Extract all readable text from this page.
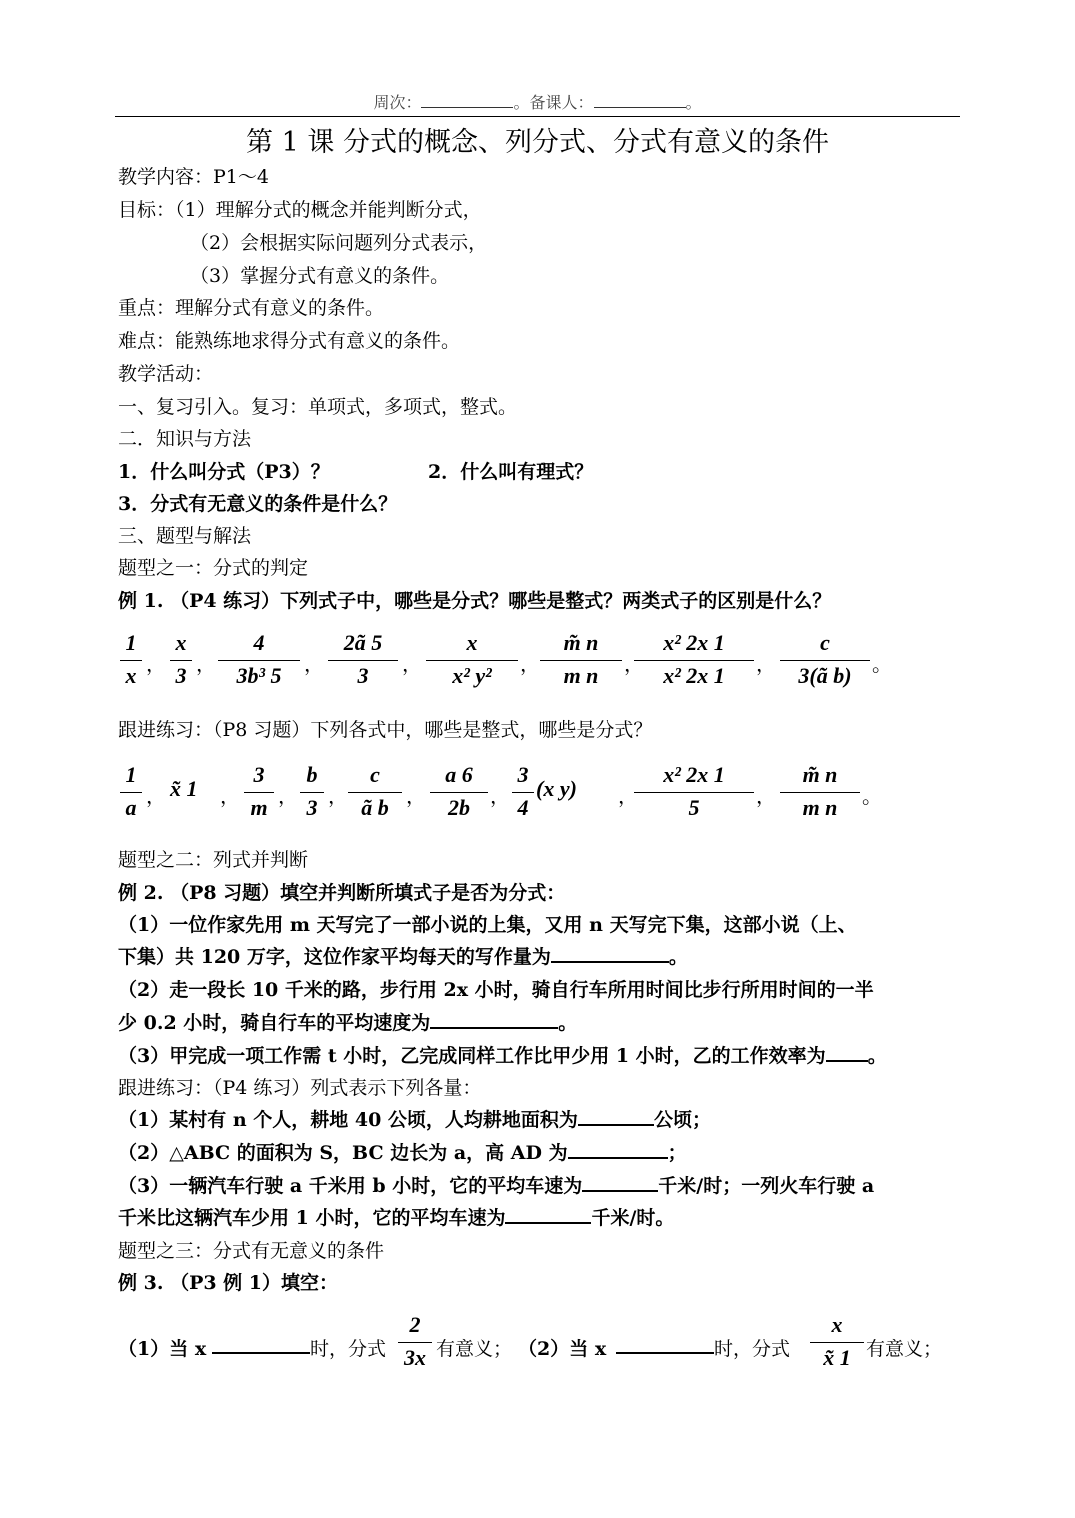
周次：	。备课人：	。
第 1 课 分式的概念、列分式、分式有意义的条件
教学内容：P1～4
目标：（1）理解分式的概念并能判断分式，
（2）会根据实际问题列分式表示，
（3）掌握分式有意义的条件。
重点：理解分式有意义的条件。
难点：能熟练地求得分式有意义的条件。
教学活动：
一、复习引入。复习：单项式，多项式，整式。
二．知识与方法
1．什么叫分式（P3）？	2．什么叫有理式？
3．分式有无意义的条件是什么？
三、题型与解法
题型之一：分式的判定
例 1. （P4 练习）下列式子中，哪些是分式？哪些是整式？两类式子的区别是什么？
1
x ，
x
3 ，
4
3b³ 5	，
2ã 5
3	，
x
x² y²	，
m̃ n
m n	，
x² 2x 1
x² 2x 1	，
c
3(ã b)	。
跟进练习：（P8 习题）下列各式中，哪些是整式，哪些是分式？
1
a ， x̃ 1 ，
3
m ，
b
3 ，
c
ã b ，
a 6
2b	，
3
4
(x y) ，
x² 2x 1
5	，
m̃ n
m n	。
题型之二：列式并判断
例 2. （P8 习题）填空并判断所填式子是否为分式：
（1）一位作家先用 m 天写完了一部小说的上集，又用 n 天写完下集，这部小说（上、
下集）共 120 万字，这位作家平均每天的写作量为	。
（2）走一段长 10 千米的路，步行用 2x 小时，骑自行车所用时间比步行所用时间的一半
少 0.2 小时，骑自行车的平均速度为	。
（3）甲完成一项工作需 t 小时，乙完成同样工作比甲少用 1 小时，乙的工作效率为 。
跟进练习：（P4 练习）列式表示下列各量：
（1）某村有 n 个人，耕地 40 公顷，人均耕地面积为	公顷；
（2）△ABC 的面积为 S，BC 边长为 a，高 AD 为	；
（3）一辆汽车行驶 a 千米用 b 小时，它的平均车速为	千米/时；一列火车行驶 a
千米比这辆汽车少用 1 小时，它的平均车速为	千米/时。
题型之三：分式有无意义的条件
例 3. （P3 例 1）填空：
（1）当 x	时，分式
2
3x 有意义； （2）当 x	时，分式
x
x̃ 1 有意义；
